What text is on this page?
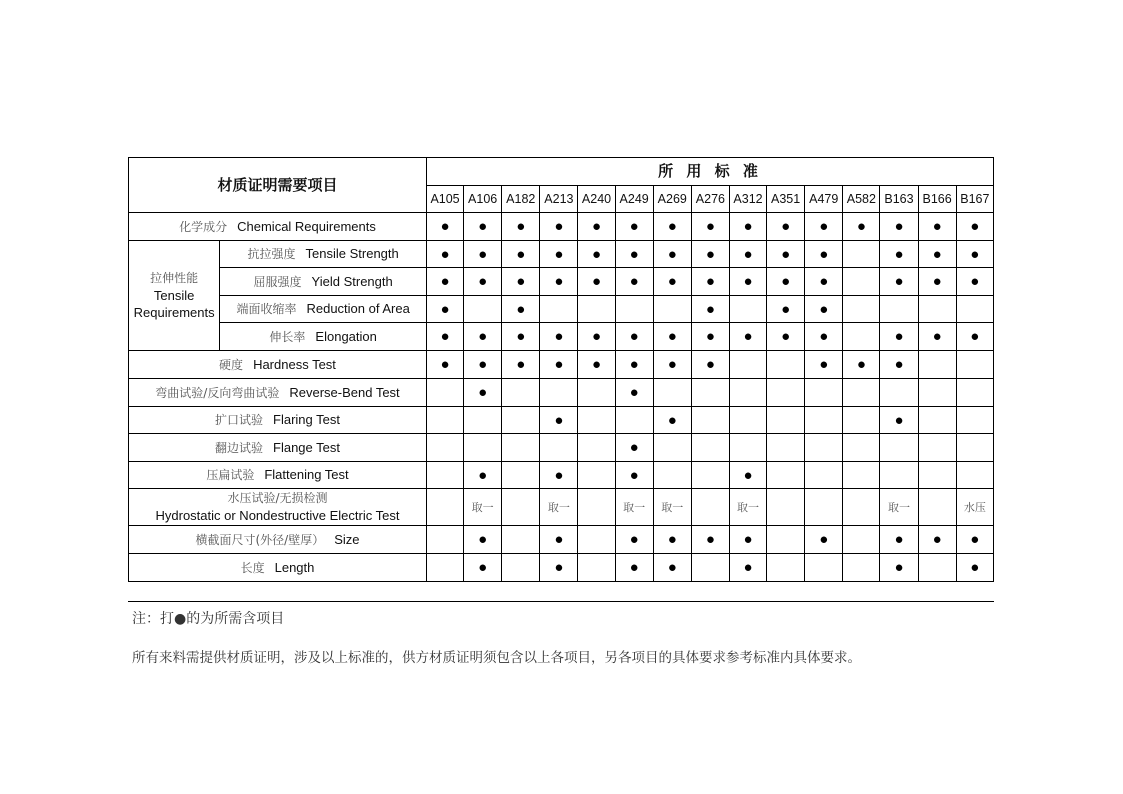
材质证明需要项目		所 用 标 准														
		A105	A106	A182	A213	A240	A249	A269	A276	A312	A351	A479	A582	B163	B166	B167
化学成分 Chemical Requirements		●	●	●	●	●	●	●	●	●	●	●	●	●	●	●

拉伸性能
Tensile
Requirements	抗拉强度 Tensile Strength	●	●	●	●	●	●	●	●	●	●	●		●	●	●
	屈服强度 Yield Strength	●	●	●	●	●	●	●	●	●	●	●		●	●	●
	端面收缩率 Reduction of Area	●		●					●		●	●				
	伸长率 Elongation	●	●	●	●	●	●	●	●	●	●	●		●	●	●
硬度 Hardness Test		●	●	●	●	●	●	●	●			●	●	●		
弯曲试验/反向弯曲试验 Reverse-Bend Test			●				●									
扩口试验 Flaring Test					●			●						●		
翻边试验 Flange Test							●									
压扁试验 Flattening Test			●		●		●			●						

水压试验/无损检测
Hydrostatic or Nondestructive Electric Test			取一		取一		取一	取一		取一				取一		水压
横截面尺寸(外径/壁厚） Size			●		●		●	●	●	●		●		●	●	●
长度 Length			●		●		●	●		●				●		●
注：打●的为所需含项目
所有来料需提供材质证明，涉及以上标准的，供方材质证明须包含以上各项目，另各项目的具体要求参考标准内具体要求。
